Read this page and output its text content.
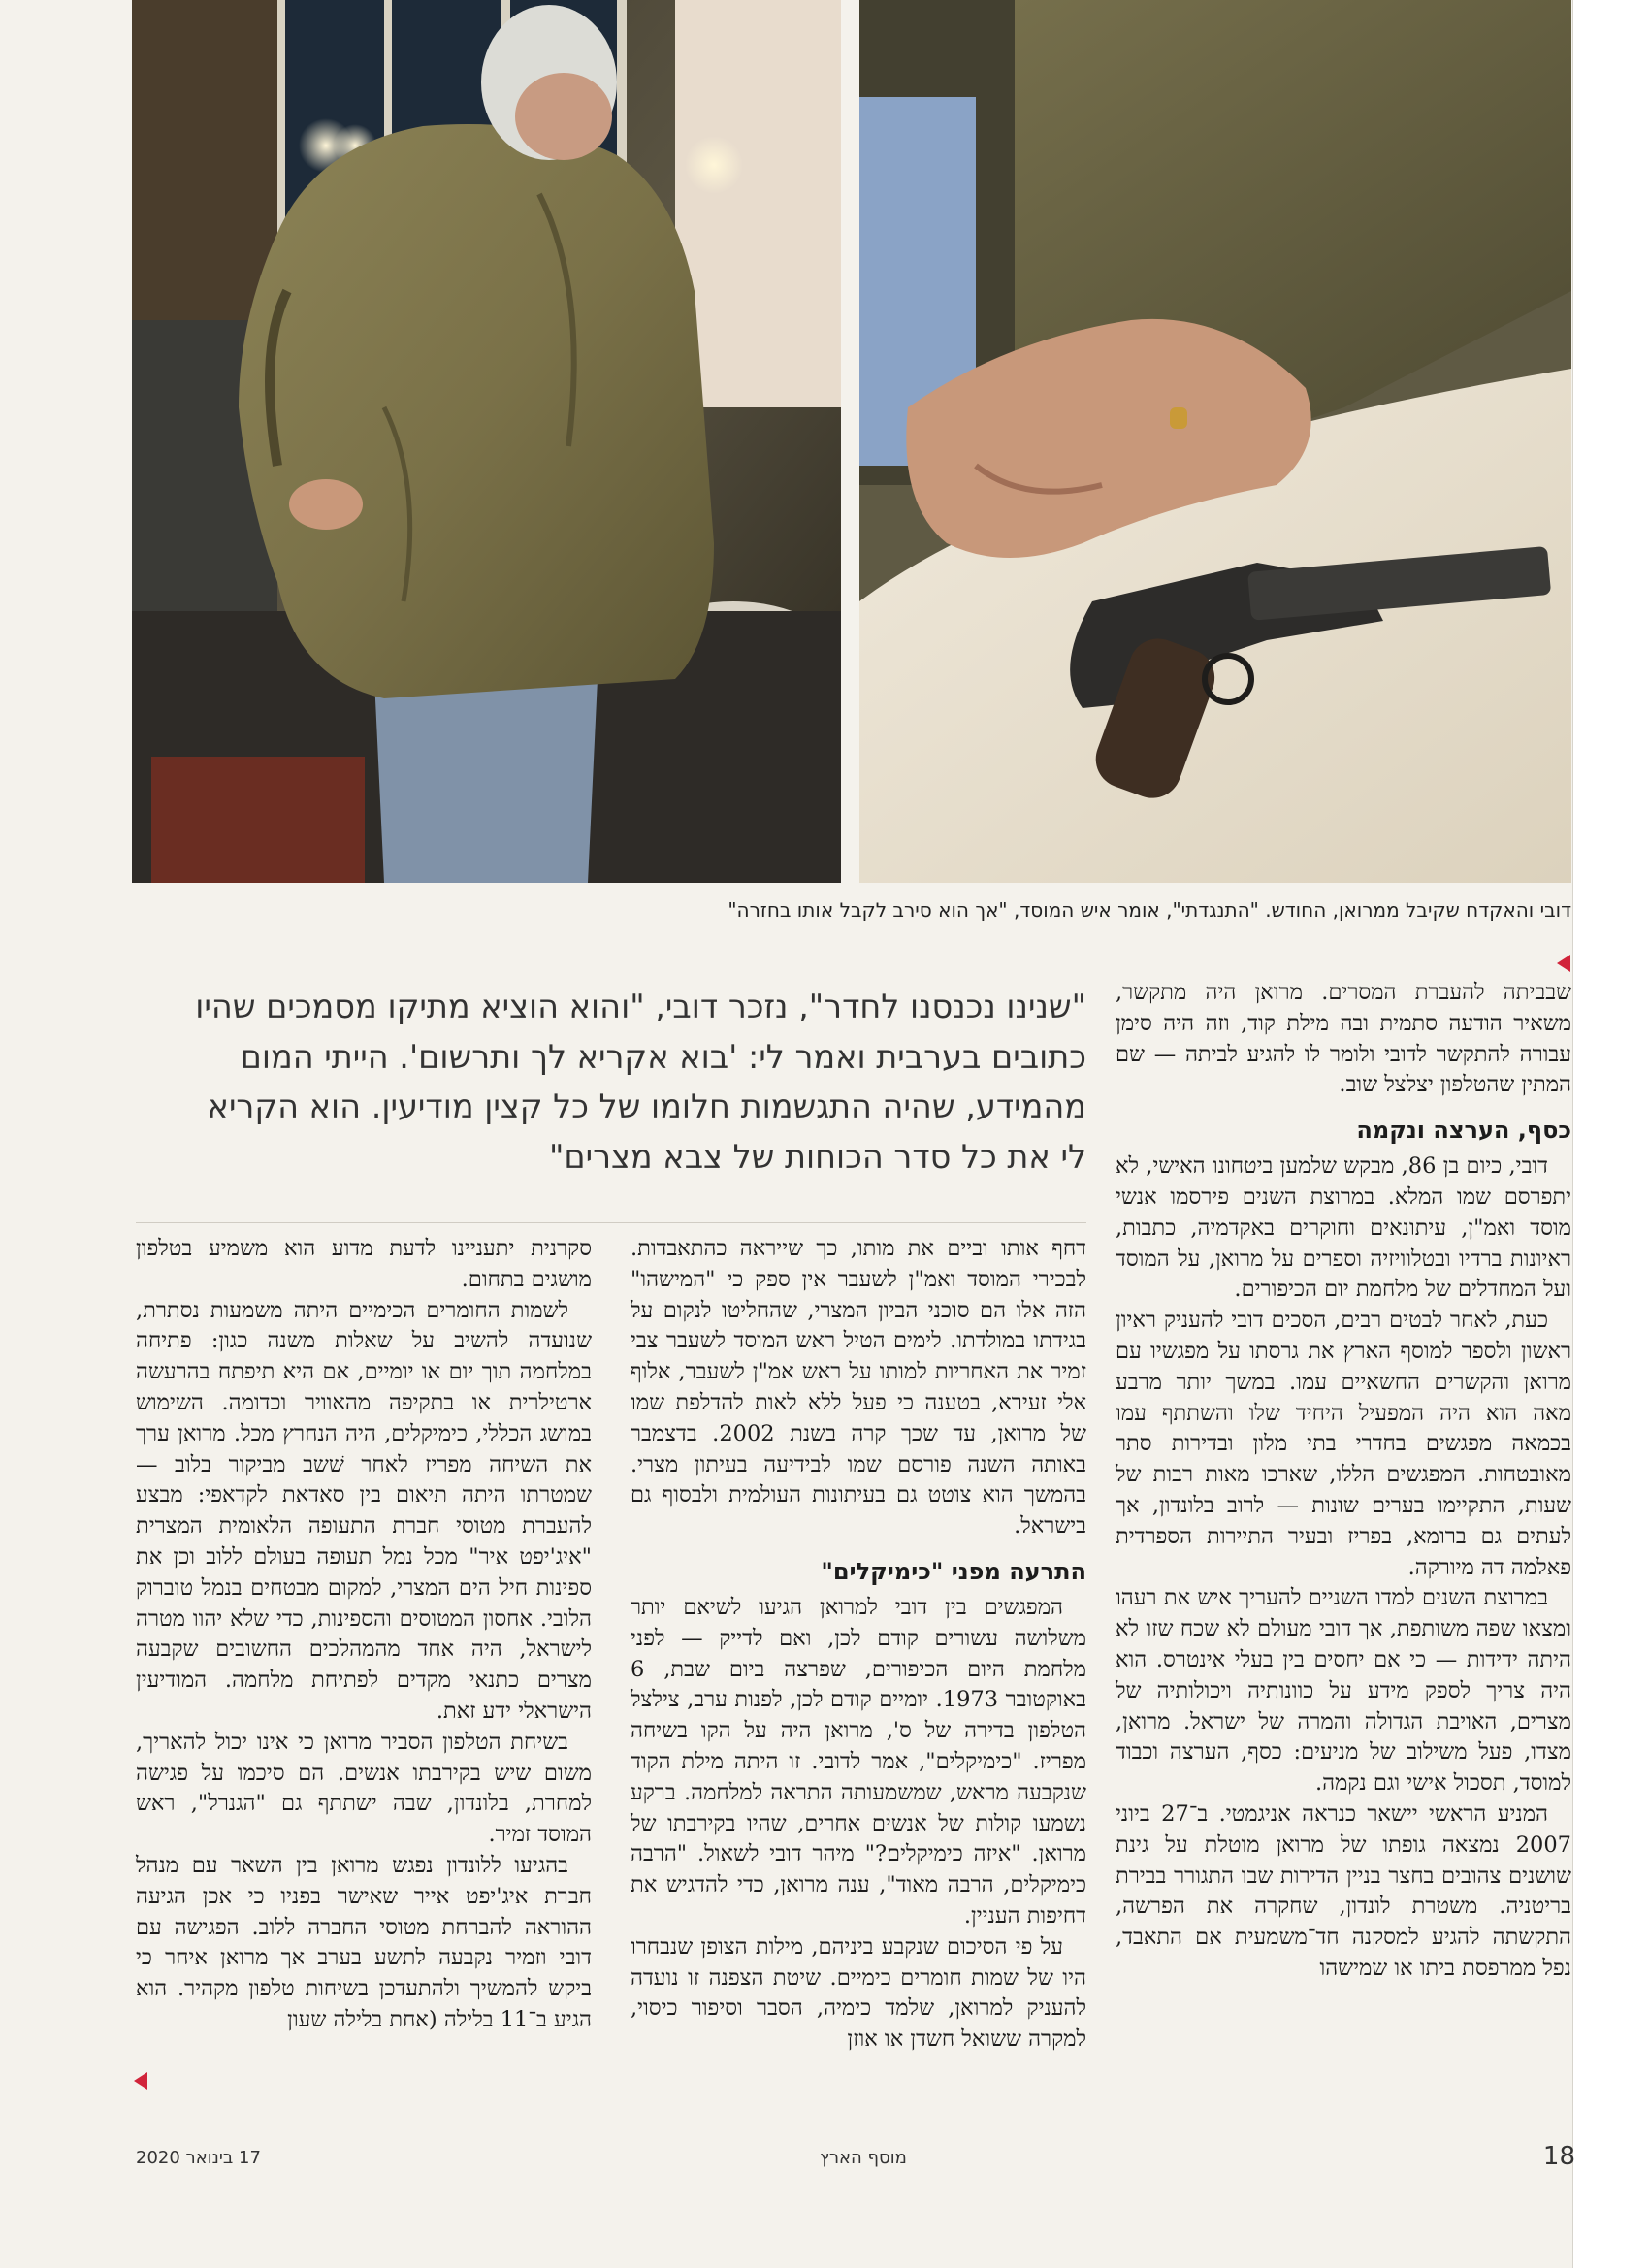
דובי והאקדח שקיבל ממרואן, החודש. "התנגדתי", אומר איש המוסד, "אך הוא סירב לקבל אותו בחזרה"
"שנינו נכנסנו לחדר", נזכר דובי, "והוא הוציא מתיקו מסמכים שהיו כתובים בערבית ואמר לי: 'בוא אקריא לך ותרשום'. הייתי המום מהמידע, שהיה התגשמות חלומו של כל קצין מודיעין. הוא הקריא לי את כל סדר הכוחות של צבא מצרים"

שבביתה להעברת המסרים. מרואן היה מתקשר, משאיר הודעה סתמית ובה מילת קוד, וזה היה סימן עבורה להתקשר לדובי ולומר לו להגיע לביתה — שם המתין שהטלפון יצלצל שוב.

כסף, הערצה ונקמה

דובי, כיום בן 86, מבקש שלמען ביטחונו האישי, לא יתפרסם שמו המלא. במרוצת השנים פירסמו אנשי מוסד ואמ"ן, עיתונאים וחוקרים באקדמיה, כתבות, ראיונות ברדיו ובטלוויזיה וספרים על מרואן, על המוסד ועל המחדלים של מלחמת יום הכיפורים.

כעת, לאחר לבטים רבים, הסכים דובי להעניק ראיון ראשון ולספר למוסף הארץ את גרסתו על מפגשיו עם מרואן והקשרים החשאיים עמו. במשך יותר מרבע מאה הוא היה המפעיל היחיד שלו והשתתף עמו בכמאה מפגשים בחדרי בתי מלון ובדירות סתר מאובטחות. המפגשים הללו, שארכו מאות רבות של שעות, התקיימו בערים שונות — לרוב בלונדון, אך לעתים גם ברומא, בפריז ובעיר התיירות הספרדית פאלמה דה מיורקה.

במרוצת השנים למדו השניים להעריך איש את רעהו ומצאו שפה משותפת, אך דובי מעולם לא שכח שזו לא היתה ידידות — כי אם יחסים בין בעלי אינטרס. הוא היה צריך לספק מידע על כוונותיה ויכולותיה של מצרים, האויבת הגדולה והמרה של ישראל. מרואן, מצדו, פעל משילוב של מניעים: כסף, הערצה וכבוד למוסד, תסכול אישי וגם נקמה.

המניע הראשי יישאר כנראה אניגמטי. ב־27 ביוני 2007 נמצאה גופתו של מרואן מוטלת על גינת שושנים צהובים בחצר בניין הדירות שבו התגורר בבירת בריטניה. משטרת לונדון, שחקרה את הפרשה, התקשתה להגיע למסקנה חד־משמעית אם התאבד, נפל ממרפסת ביתו או שמישהו

דחף אותו וביים את מותו, כך שייראה כהתאבדות. לבכירי המוסד ואמ"ן לשעבר אין ספק כי "המישהו" הזה אלו הם סוכני הביון המצרי, שהחליטו לנקום על בגידתו במולדתו. לימים הטיל ראש המוסד לשעבר צבי זמיר את האחריות למותו על ראש אמ"ן לשעבר, אלוף אלי זעירא, בטענה כי פעל ללא לאות להדלפת שמו של מרואן, עד שכך קרה בשנת 2002. בדצמבר באותה השנה פורסם שמו לבידיעה בעיתון מצרי. בהמשך הוא צוטט גם בעיתונות העולמית ולבסוף גם בישראל.

התרעה מפני "כימיקלים"

המפגשים בין דובי למרואן הגיעו לשיאם יותר משלושה עשורים קודם לכן, ואם לדייק — לפני מלחמת היום הכיפורים, שפרצה ביום שבת, 6 באוקטובר 1973. יומיים קודם לכן, לפנות ערב, צילצל הטלפון בדירה של ס', מרואן היה על הקו בשיחה מפריז. "כימיקלים", אמר לדובי. זו היתה מילת הקוד שנקבעה מראש, שמשמעותה התראה למלחמה. ברקע נשמעו קולות של אנשים אחרים, שהיו בקירבתו של מרואן. "איזה כימיקלים?" מיהר דובי לשאול. "הרבה כימיקלים, הרבה מאוד", ענה מרואן, כדי להדגיש את דחיפות העניין.

על פי הסיכום שנקבע ביניהם, מילות הצופן שנבחרו היו של שמות חומרים כימיים. שיטת הצפנה זו נועדה להעניק למרואן, שלמד כימיה, הסבר וסיפור כיסוי, למקרה ששואל חשדן או אוזן

סקרנית יתעניינו לדעת מדוע הוא משמיע בטלפון מושגים בתחום.

לשמות החומרים הכימיים היתה משמעות נסתרת, שנועדה להשיב על שאלות משנה כגון: פתיחה במלחמה תוך יום או יומיים, אם היא תיפתח בהרעשה ארטילרית או בתקיפה מהאוויר וכדומה. השימוש במושג הכללי, כימיקלים, היה הנחרץ מכל. מרואן ערך את השיחה מפריז לאחר שׁשב מביקור בלוב — שמטרתו היתה תיאום בין סאדאת לקדאפי: מבצע להעברת מטוסי חברת התעופה הלאומית המצרית "איג'יפט איר" מכל נמל תעופה בעולם ללוב וכן את ספינות חיל הים המצרי, למקום מבטחים בנמל טוברוק הלובי. אחסון המטוסים והספינות, כדי שלא יהוו מטרה לישראל, היה אחד מהמהלכים החשובים שקבעה מצרים כתנאי מקדים לפתיחת מלחמה. המודיעין הישראלי ידע זאת.

בשיחת הטלפון הסביר מרואן כי אינו יכול להאריך, משום שיש בקירבתו אנשים. הם סיכמו על פגישה למחרת, בלונדון, שבה ישתתף גם "הגנרל", ראש המוסד זמיר.

בהגיעו ללונדון נפגש מרואן בין השאר עם מנהל חברת איג'יפט אייר שאישר בפניו כי אכן הגיעה ההוראה להברחת מטוסי החברה ללוב. הפגישה עם דובי וזמיר נקבעה לתשע בערב אך מרואן איחר כי ביקש להמשיך ולהתעדכן בשיחות טלפון מקהיר. הוא הגיע ב־11 בלילה (אחת בלילה שעון

18
מוסף הארץ
17 בינואר 2020
